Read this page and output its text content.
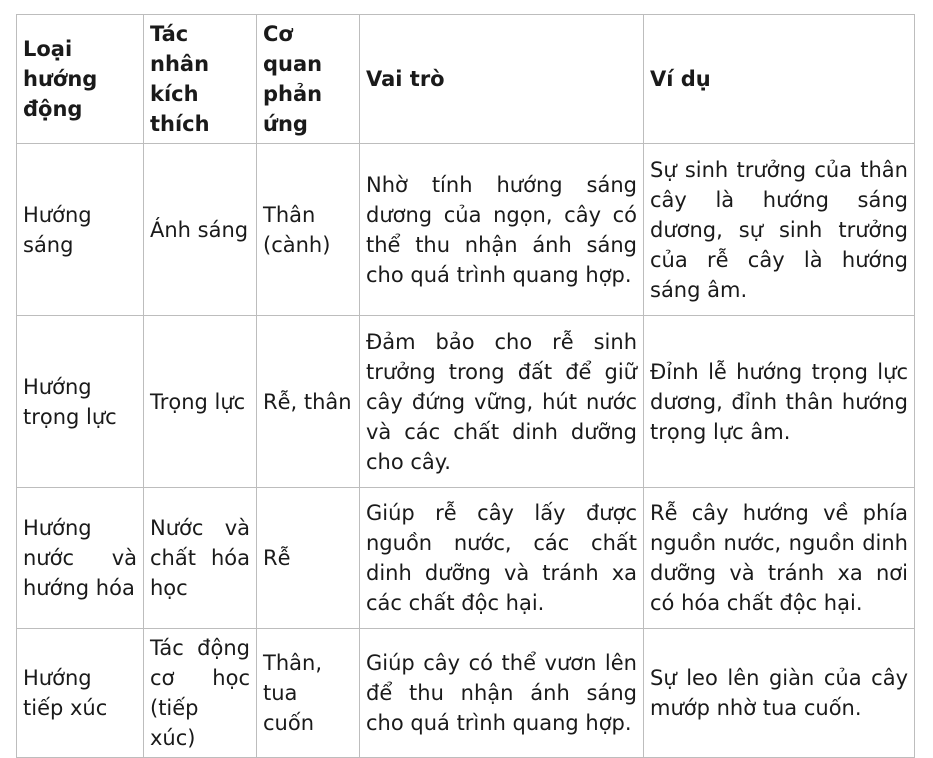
Loại hướng động	Tác nhân kích thích	Cơ quan phản ứng	Vai trò	Ví dụ
Hướng sáng	Ánh sáng	Thân (cành)	Nhờ tính hướng sáng dương của ngọn, cây có thể thu nhận ánh sáng cho quá trình quang hợp.	Sự sinh trưởng của thân cây là hướng sáng dương, sự sinh trưởng của rễ cây là hướng sáng âm.
Hướng trọng lực	Trọng lực	Rễ, thân	Đảm bảo cho rễ sinh trưởng trong đất để giữ cây đứng vững, hút nước và các chất dinh dưỡng cho cây.	Đỉnh lễ hướng trọng lực dương, đỉnh thân hướng trọng lực âm.
Hướng nước và hướng hóa	Nước và chất hóa học	Rễ	Giúp rễ cây lấy được nguồn nước, các chất dinh dưỡng và tránh xa các chất độc hại.	Rễ cây hướng về phía nguồn nước, nguồn dinh dưỡng và tránh xa nơi có hóa chất độc hại.
Hướng tiếp xúc	Tác động cơ học (tiếp xúc)	Thân, tua cuốn	Giúp cây có thể vươn lên để thu nhận ánh sáng cho quá trình quang hợp.	Sự leo lên giàn của cây mướp nhờ tua cuốn.
